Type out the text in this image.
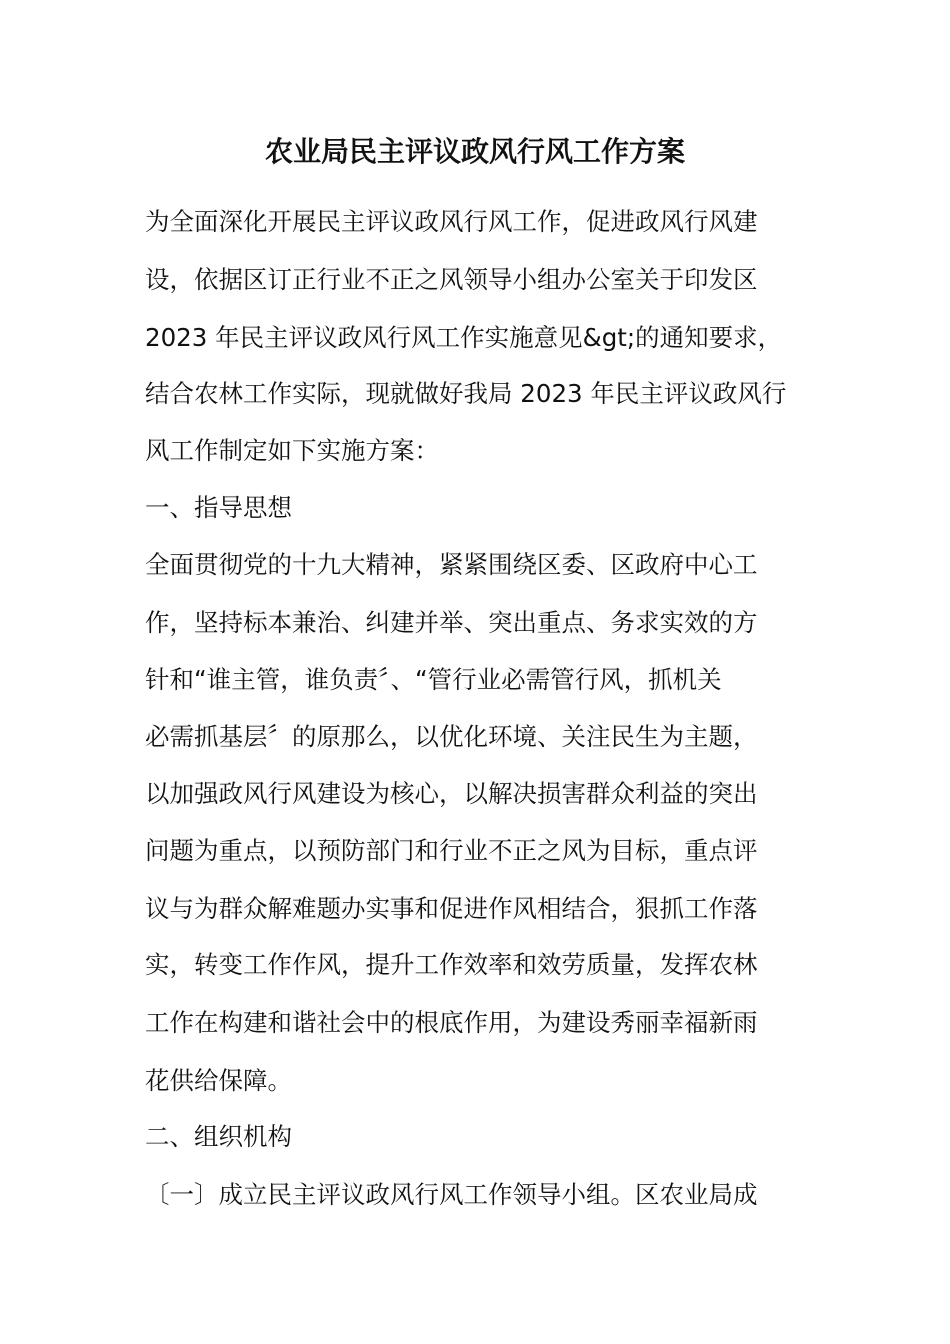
农业局民主评议政风行风工作方案

为全面深化开展民主评议政风行风工作，促进政风行风建

设，依据区订正行业不正之风领导小组办公室关于印发区

2023 年民主评议政风行风工作实施意见&gt;的通知要求，

结合农林工作实际，现就做好我局 2023 年民主评议政风行

风工作制定如下实施方案：

一、指导思想

全面贯彻党的十九大精神，紧紧围绕区委、区政府中心工

作，坚持标本兼治、纠建并举、突出重点、务求实效的方

针和“谁主管，谁负责〞、“管行业必需管行风，抓机关

必需抓基层〞的原那么，以优化环境、关注民生为主题，

以加强政风行风建设为核心，以解决损害群众利益的突出

问题为重点，以预防部门和行业不正之风为目标，重点评

议与为群众解难题办实事和促进作风相结合，狠抓工作落

实，转变工作作风，提升工作效率和效劳质量，发挥农林

工作在构建和谐社会中的根底作用，为建设秀丽幸福新雨

花供给保障。

二、组织机构

〔一〕成立民主评议政风行风工作领导小组。区农业局成
